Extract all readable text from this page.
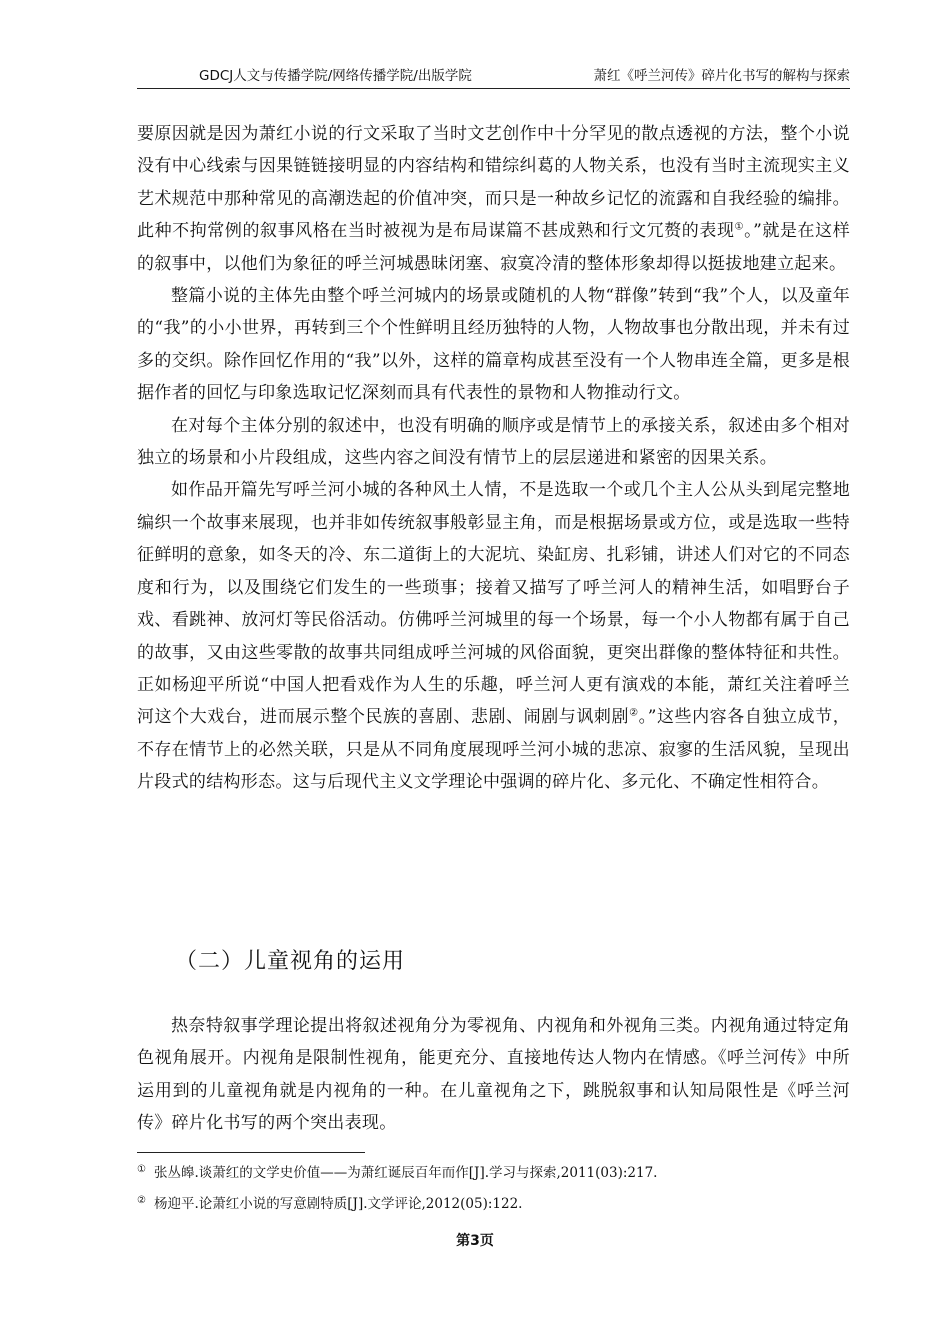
GDCJ人文与传播学院/网络传播学院/出版学院	萧红《呼兰河传》碎片化书写的解构与探索

要原因就是因为萧红小说的行文采取了当时文艺创作中十分罕见的散点透视的方法，整个小说没有中心线索与因果链链接明显的内容结构和错综纠葛的人物关系，也没有当时主流现实主义艺术规范中那种常见的高潮迭起的价值冲突，而只是一种故乡记忆的流露和自我经验的编排。此种不拘常例的叙事风格在当时被视为是布局谋篇不甚成熟和行文冗赘的表现①。”就是在这样的叙事中，以他们为象征的呼兰河城愚昧闭塞、寂寞冷清的整体形象却得以挺拔地建立起来。

整篇小说的主体先由整个呼兰河城内的场景或随机的人物“群像”转到“我”个人，以及童年的“我”的小小世界，再转到三个个性鲜明且经历独特的人物，人物故事也分散出现，并未有过多的交织。除作回忆作用的“我”以外，这样的篇章构成甚至没有一个人物串连全篇，更多是根据作者的回忆与印象选取记忆深刻而具有代表性的景物和人物推动行文。

在对每个主体分别的叙述中，也没有明确的顺序或是情节上的承接关系，叙述由多个相对独立的场景和小片段组成，这些内容之间没有情节上的层层递进和紧密的因果关系。

如作品开篇先写呼兰河小城的各种风土人情，不是选取一个或几个主人公从头到尾完整地编织一个故事来展现，也并非如传统叙事般彰显主角，而是根据场景或方位，或是选取一些特征鲜明的意象，如冬天的冷、东二道街上的大泥坑、染缸房、扎彩铺，讲述人们对它的不同态度和行为，以及围绕它们发生的一些琐事；接着又描写了呼兰河人的精神生活，如唱野台子戏、看跳神、放河灯等民俗活动。仿佛呼兰河城里的每一个场景，每一个小人物都有属于自己的故事，又由这些零散的故事共同组成呼兰河城的风俗面貌，更突出群像的整体特征和共性。正如杨迎平所说“中国人把看戏作为人生的乐趣，呼兰河人更有演戏的本能，萧红关注着呼兰河这个大戏台，进而展示整个民族的喜剧、悲剧、闹剧与讽刺剧②。”这些内容各自独立成节，不存在情节上的必然关联，只是从不同角度展现呼兰河小城的悲凉、寂寥的生活风貌，呈现出片段式的结构形态。这与后现代主义文学理论中强调的碎片化、多元化、不确定性相符合。

（二）儿童视角的运用

热奈特叙事学理论提出将叙述视角分为零视角、内视角和外视角三类。内视角通过特定角色视角展开。内视角是限制性视角，能更充分、直接地传达人物内在情感。《呼兰河传》中所运用到的儿童视角就是内视角的一种。在儿童视角之下，跳脱叙事和认知局限性是《呼兰河传》碎片化书写的两个突出表现。

① 张丛皞.谈萧红的文学史价值——为萧红诞辰百年而作[J].学习与探索,2011(03):217.
② 杨迎平.论萧红小说的写意剧特质[J].文学评论,2012(05):122.
第3页
